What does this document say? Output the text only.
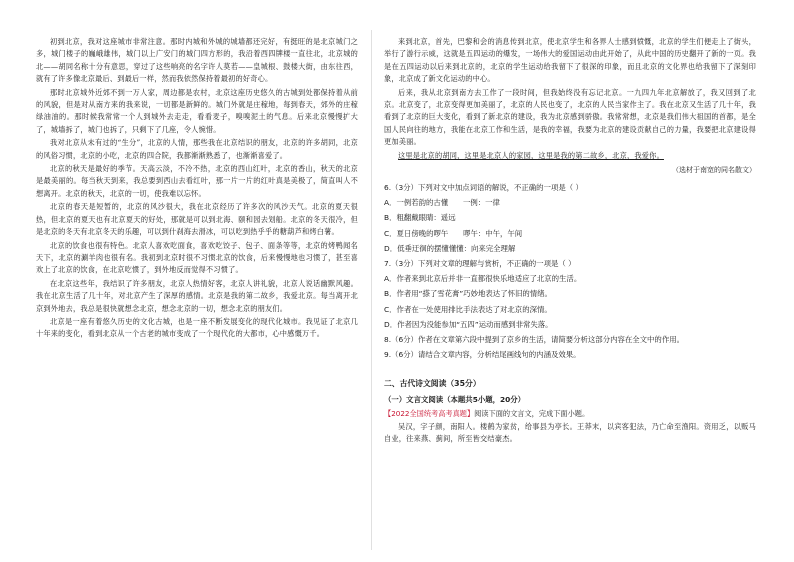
初到北京，我对这座城市非常注意。那时内城和外城的城墙都还完好，有挺旺的是北京城门之多，城门楼子的巍峨雄伟，城门以上广安门的城门四方形的，我沿着西四牌楼一直往北，北京城的北——胡同名称十分有意思，穿过了这些响亮的名字许人莫若——皇城根、鼓楼大街，由东往西，就有了许多像北京最后、到最后一样，然而我依然保持着最初的好奇心。

那时北京城外近郊不到一万人家，周边都是农村，北京这座历史悠久的古城到处都保持着从前的风貌，但是对从南方来的我来说，一切都是新鲜的。城门外就是庄稼地，每到春天，郊外的庄稼绿油油的。那时候我常常一个人到城外去走走，看看麦子，嗅嗅泥土的气息。后来北京慢慢扩大了，城墙拆了，城门也拆了，只剩下了几座，令人惋惜。

我对北京从未有过的“生分”，北京的人情，那些我在北京结识的朋友，北京的许多胡同，北京的风俗习惯，北京的小吃，北京的四合院，我都渐渐熟悉了，也渐渐喜爱了。

北京的秋天是最好的季节。天高云淡，不冷不热，北京的西山红叶，北京的香山，秋天的北京是最美丽的。每当秋天到来，我总要到西山去看红叶，那一片一片的红叶真是美极了，简直叫人不想离开。北京的秋天，北京的一切，使我难以忘怀。

北京的春天是短暂的，北京的风沙很大，我在北京经历了许多次的风沙天气。北京的夏天很热，但北京的夏天也有北京夏天的好处，那就是可以到北海、颐和园去划船。北京的冬天很冷，但是北京的冬天有北京冬天的乐趣，可以到什刹海去滑冰，可以吃到热乎乎的糖葫芦和烤白薯。

北京的饮食也很有特色。北京人喜欢吃面食，喜欢吃饺子、包子、面条等等，北京的烤鸭闻名天下，北京的涮羊肉也很有名。我初到北京时很不习惯北京的饮食，后来慢慢地也习惯了，甚至喜欢上了北京的饮食，在北京吃惯了，到外地反而觉得不习惯了。

在北京这些年，我结识了许多朋友，北京人热情好客，北京人讲礼貌，北京人说话幽默风趣。我在北京生活了几十年，对北京产生了深厚的感情。北京是我的第二故乡，我爱北京。每当离开北京到外地去，我总是很快就想念北京，想念北京的一切，想念北京的朋友们。

北京是一座有着悠久历史的文化古城，也是一座不断发展变化的现代化城市。我见证了北京几十年来的变化，看到北京从一个古老的城市变成了一个现代化的大都市，心中感慨万千。

来到北京，首先，巴黎和会的消息传到北京，使北京学生和各界人士感到愤慨，北京的学生们便走上了街头，举行了游行示威，这就是五四运动的爆发，一场伟大的爱国运动由此开始了，从此中国的历史翻开了新的一页。我是在五四运动以后来到北京的，北京的学生运动给我留下了很深的印象，而且北京的文化界也给我留下了深刻印象，北京成了新文化运动的中心。

后来，我从北京到南方去工作了一段时间，但我始终没有忘记北京。一九四九年北京解放了，我又回到了北京。北京变了，北京变得更加美丽了，北京的人民也变了，北京的人民当家作主了。我在北京又生活了几十年，我看到了北京的巨大变化，看到了新北京的建设，我为北京感到骄傲。我常常想，北京是我们伟大祖国的首都，是全国人民向往的地方，我能在北京工作和生活，是我的幸福，我要为北京的建设贡献自己的力量，我要把北京建设得更加美丽。

这里是北京的胡同，这里是北京人的家园，这里是我的第二故乡，北京，我爱你。

（选材于南宽的同名散文）

6.（3分）下列对文中加点词语的解说，不正确的一项是（ ）

A．一例若韵的古懂　　一例：一律

B．粗翻戴眼睛：遥远

C．夏日傍晚的啰午　　啰午：中午，午间

D．低垂迂徊的摆懂懂懂：向来完全理解

7.（3分）下列对文章的理解与赏析，不正确的一项是（ ）

A．作者来到北京后并非一直都很快乐地适应了北京的生活。

B．作者用“搽了雪花膏”巧妙地表达了怀旧的情绪。

C．作者在一处使用排比手法表达了对北京的深情。

D．作者因为没能参加“五四”运动而感到非常失落。

8.（6分）作者在文章第六段中提到了京乡的生活，请简要分析这部分内容在全文中的作用。

9.（6分）请结合文章内容，分析结尾画线句的内涵及效果。

二、古代诗文阅读（35分）

（一）文言文阅读（本题共5小题，20分）

【2022全国统考高考真题】阅读下面的文言文，完成下面小题。

吴汉，字子颜，南阳人。楼鹤为家贫，给事县为亭长。王莽末，以宾客犯法，乃亡命至渔阳。资用乏，以贩马自业，往来燕、蓟间，所至皆交结豪杰。
